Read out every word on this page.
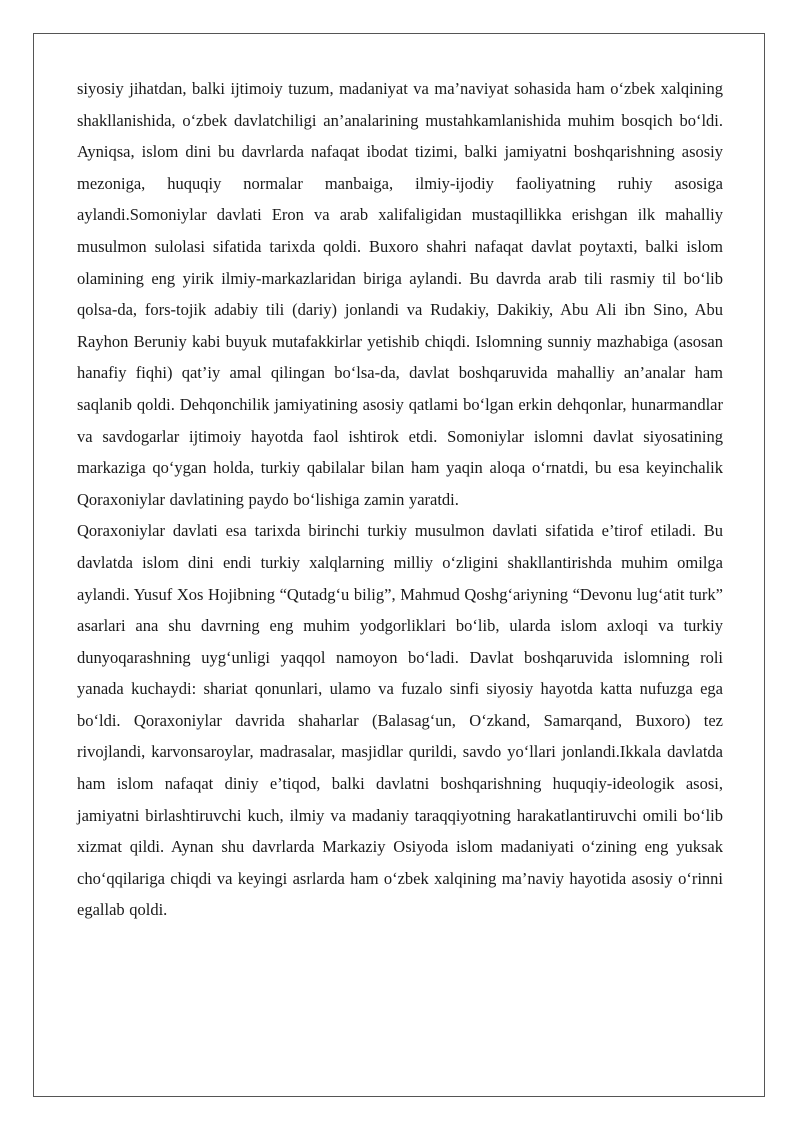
siyosiy jihatdan, balki ijtimoiy tuzum, madaniyat va ma’naviyat sohasida ham o‘zbek xalqining shakllanishida, o‘zbek davlatchiligi an’analarining mustahkamlanishida muhim bosqich bo‘ldi. Ayniqsa, islom dini bu davrlarda nafaqat ibodat tizimi, balki jamiyatni boshqarishning asosiy mezoniga, huquqiy normalar manbaiga, ilmiy-ijodiy faoliyatning ruhiy asosiga aylandi.Somoniylar davlati Eron va arab xalifaligidan mustaqillikka erishgan ilk mahalliy musulmon sulolasi sifatida tarixda qoldi. Buxoro shahri nafaqat davlat poytaxti, balki islom olamining eng yirik ilmiy-markazlaridan biriga aylandi. Bu davrda arab tili rasmiy til bo‘lib qolsa-da, fors-tojik adabiy tili (dariy) jonlandi va Rudakiy, Dakikiy, Abu Ali ibn Sino, Abu Rayhon Beruniy kabi buyuk mutafakkirlar yetishib chiqdi. Islomning sunniy mazhabiga (asosan hanafiy fiqhi) qat’iy amal qilingan bo‘lsa-da, davlat boshqaruvida mahalliy an’analar ham saqlanib qoldi. Dehqonchilik jamiyatining asosiy qatlami bo‘lgan erkin dehqonlar, hunarmandlar va savdogarlar ijtimoiy hayotda faol ishtirok etdi. Somoniylar islomni davlat siyosatining markaziga qo‘ygan holda, turkiy qabilalar bilan ham yaqin aloqa o‘rnatdi, bu esa keyinchalik Qoraxoniylar davlatining paydo bo‘lishiga zamin yaratdi.

Qoraxoniylar davlati esa tarixda birinchi turkiy musulmon davlati sifatida e’tirof etiladi. Bu davlatda islom dini endi turkiy xalqlarning milliy o‘zligini shakllantirishda muhim omilga aylandi. Yusuf Xos Hojibning “Qutadg‘u bilig”, Mahmud Qoshg‘ariyning “Devonu lug‘atit turk” asarlari ana shu davrning eng muhim yodgorliklari bo‘lib, ularda islom axloqi va turkiy dunyoqarashning uyg‘unligi yaqqol namoyon bo‘ladi. Davlat boshqaruvida islomning roli yanada kuchaydi: shariat qonunlari, ulamo va fuzalo sinfi siyosiy hayotda katta nufuzga ega bo‘ldi. Qoraxoniylar davrida shaharlar (Balasag‘un, O‘zkand, Samarqand, Buxoro) tez rivojlandi, karvonsaroylar, madrasalar, masjidlar qurildi, savdo yo‘llari jonlandi.Ikkala davlatda ham islom nafaqat diniy e’tiqod, balki davlatni boshqarishning huquqiy-ideologik asosi, jamiyatni birlashtiruvchi kuch, ilmiy va madaniy taraqqiyotning harakatlantiruvchi omili bo‘lib xizmat qildi. Aynan shu davrlarda Markaziy Osiyoda islom madaniyati o‘zining eng yuksak cho‘qqilariga chiqdi va keyingi asrlarda ham o‘zbek xalqining ma’naviy hayotida asosiy o‘rinni egallab qoldi.
